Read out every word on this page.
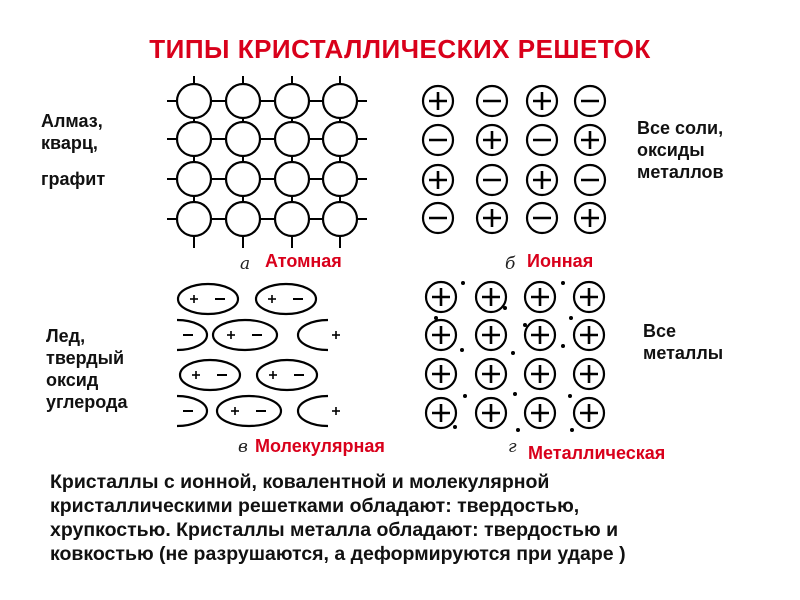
ТИПЫ КРИСТАЛЛИЧЕСКИХ РЕШЕТОК
Алмаз,
кварц,
графит
Лед,
твердый
оксид
углерода
Все соли,
оксиды
металлов
Все
металлы
а Атомная	б Ионная
в Молекулярная	г Металлическая
Кристаллы с ионной, ковалентной и молекулярной
кристаллическими решетками обладают: твердостью,
хрупкостью. Кристаллы металла обладают: твердостью и
ковкостью (не разрушаются, а деформируются при ударе )
